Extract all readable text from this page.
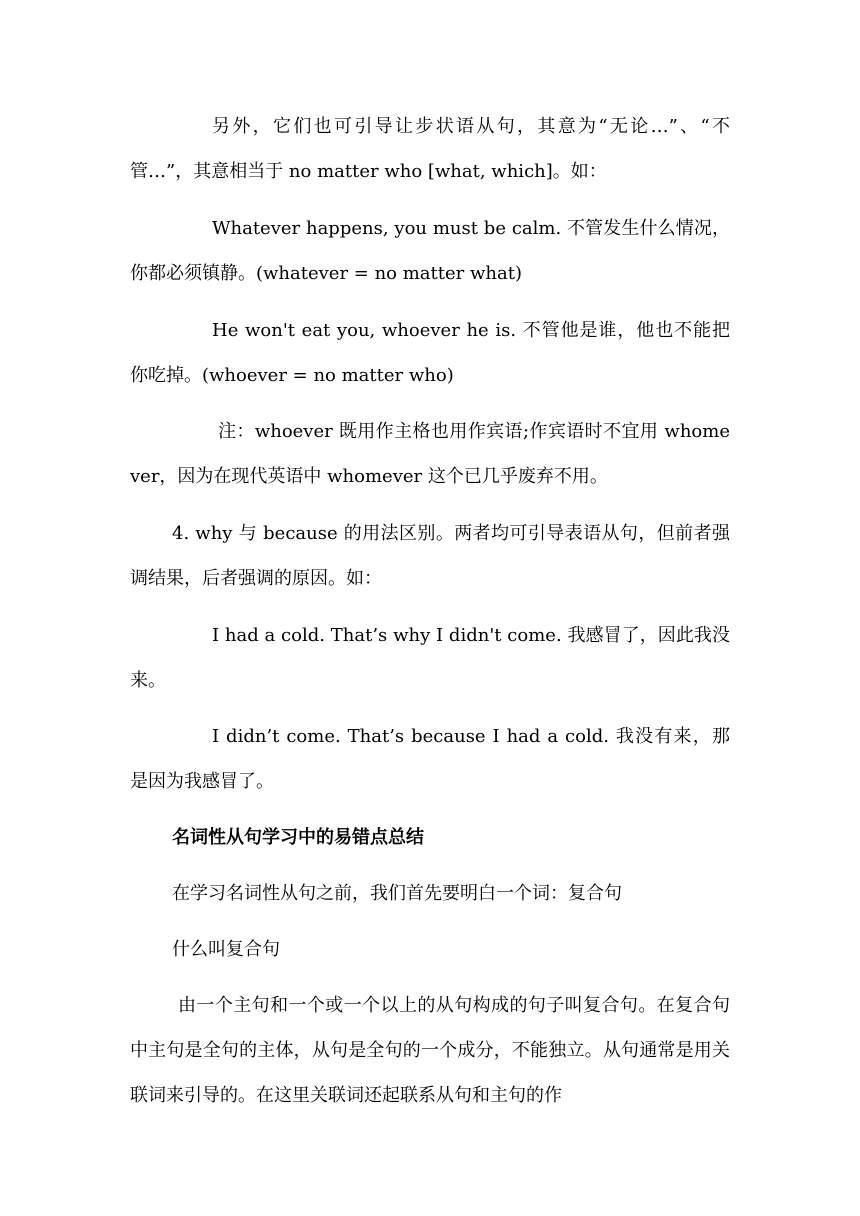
另外，它们也可引导让步状语从句，其意为“无论…”、“不管…”，其意相当于 no matter who [what, which]。如：
Whatever happens, you must be calm. 不管发生什么情况，你都必须镇静。(whatever = no matter what)
He won't eat you, whoever he is. 不管他是谁，他也不能把你吃掉。(whoever = no matter who)
注：whoever 既用作主格也用作宾语;作宾语时不宜用 whomever，因为在现代英语中 whomever 这个已几乎废弃不用。
4. why 与 because 的用法区别。两者均可引导表语从句，但前者强调结果，后者强调的原因。如：
I had a cold. That’s why I didn't come. 我感冒了，因此我没来。
I didn’t come. That’s because I had a cold. 我没有来，那是因为我感冒了。
名词性从句学习中的易错点总结
在学习名词性从句之前，我们首先要明白一个词：复合句
什么叫复合句
由一个主句和一个或一个以上的从句构成的句子叫复合句。在复合句中主句是全句的主体，从句是全句的一个成分，不能独立。从句通常是用关联词来引导的。在这里关联词还起联系从句和主句的作
